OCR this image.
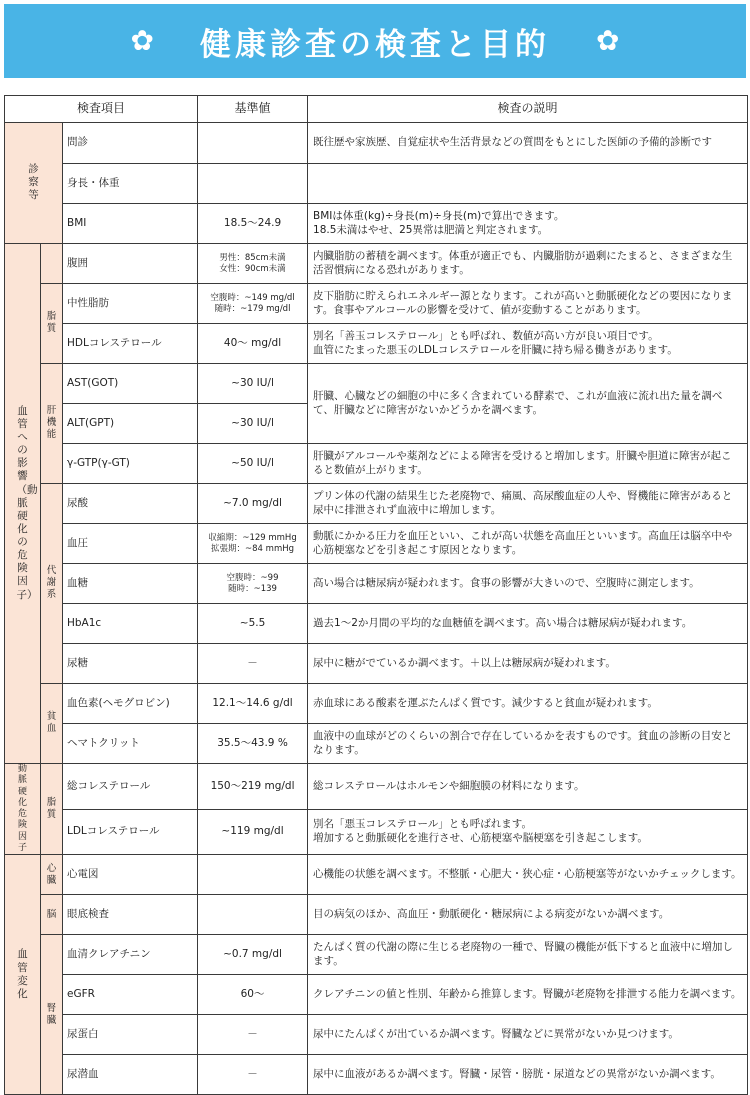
✿ 健康診査の検査と目的 ✿
検査項目			基準値	検査の説明
診察等		問診		既往歴や家族歴、自覚症状や生活背景などの質問をもとにした医師の予備的診断です
		身長・体重		
		BMI	18.5～24.9	BMIは体重(kg)÷身長(m)÷身長(m)で算出できます。
18.5未満はやせ、25異常は肥満と判定されます。
血管への影響（動脈硬化の危険因子）		腹囲	男性：85cm未満
女性：90cm未満	内臓脂肪の蓄積を調べます。体重が適正でも、内臓脂肪が過剰にたまると、さまざまな生活習慣病になる恐れがあります。
	脂質	中性脂肪	空腹時：~149 mg/dl
随時：~179 mg/dl	皮下脂肪に貯えられエネルギー源となります。これが高いと動脈硬化などの要因になります。食事やアルコールの影響を受けて、値が変動することがあります。
		HDLコレステロール	40～ mg/dl	別名「善玉コレステロール」とも呼ばれ、数値が高い方が良い項目です。
血管にたまった悪玉のLDLコレステロールを肝臓に持ち帰る働きがあります。
	肝機能	AST(GOT)	~30 IU/l	肝臓、心臓などの細胞の中に多く含まれている酵素で、これが血液に流れ出た量を調べて、肝臓などに障害がないかどうかを調べます。
		ALT(GPT)	~30 IU/l	
		γ-GTP(γ-GT)	~50 IU/l	肝臓がアルコールや薬剤などによる障害を受けると増加します。肝臓や胆道に障害が起こると数値が上がります。
	代謝系	尿酸	~7.0 mg/dl	プリン体の代謝の結果生じた老廃物で、痛風、高尿酸血症の人や、腎機能に障害があると尿中に排泄されず血液中に増加します。
		血圧	収縮期：~129 mmHg
拡張期：~84 mmHg	動脈にかかる圧力を血圧といい、これが高い状態を高血圧といいます。高血圧は脳卒中や心筋梗塞などを引き起こす原因となります。
		血糖	空腹時：~99
随時：~139	高い場合は糖尿病が疑われます。食事の影響が大きいので、空腹時に測定します。
		HbA1c	~5.5	過去1～2か月間の平均的な血糖値を調べます。高い場合は糖尿病が疑われます。
		尿糖	－	尿中に糖がでているか調べます。＋以上は糖尿病が疑われます。
	貧血	血色素(ヘモグロビン)	12.1～14.6 g/dl	赤血球にある酸素を運ぶたんぱく質です。減少すると貧血が疑われます。
		ヘマトクリット	35.5～43.9 %	血液中の血球がどのくらいの割合で存在しているかを表すものです。貧血の診断の目安となります。
動脈硬化危険因子	脂質	総コレステロール	150～219 mg/dl	総コレステロールはホルモンや細胞膜の材料になります。
		LDLコレステロール	~119 mg/dl	別名「悪玉コレステロール」とも呼ばれます。
増加すると動脈硬化を進行させ、心筋梗塞や脳梗塞を引き起こします。
血管変化	心臓	心電図		心機能の状態を調べます。不整脈・心肥大・狭心症・心筋梗塞等がないかチェックします。
	脳	眼底検査		目の病気のほか、高血圧・動脈硬化・糖尿病による病変がないか調べます。
	腎臓	血清クレアチニン	~0.7 mg/dl	たんぱく質の代謝の際に生じる老廃物の一種で、腎臓の機能が低下すると血液中に増加します。
		eGFR	60～	クレアチニンの値と性別、年齢から推算します。腎臓が老廃物を排泄する能力を調べます。
		尿蛋白	－	尿中にたんぱくが出ているか調べます。腎臓などに異常がないか見つけます。
		尿潜血	－	尿中に血液があるか調べます。腎臓・尿管・膀胱・尿道などの異常がないか調べます。
